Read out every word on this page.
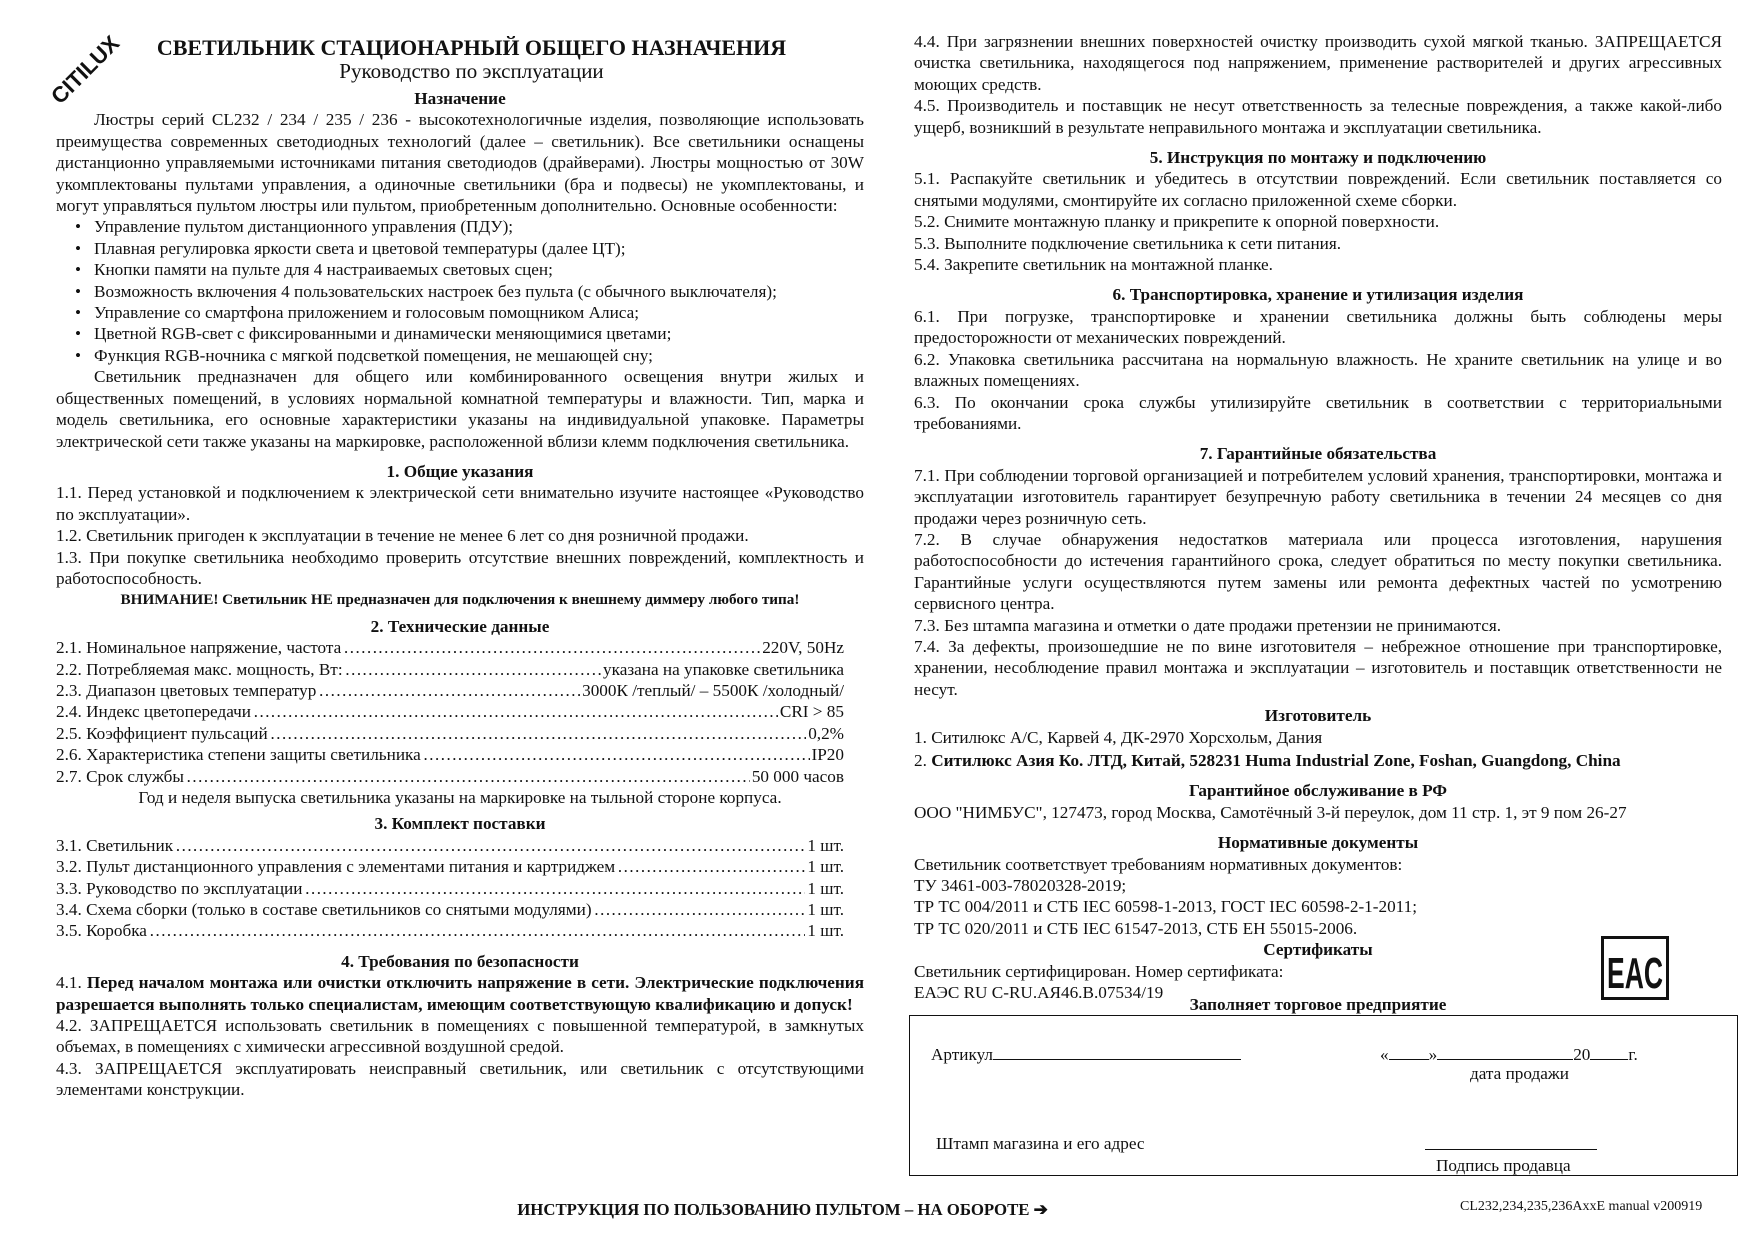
CITILUX	СВЕТИЛЬНИК СТАЦИОНАРНЫЙ ОБЩЕГО НАЗНАЧЕНИЯ
Руководство по эксплуатации
Назначение

Люстры серий CL232 / 234 / 235 / 236 - высокотехнологичные изделия, позволяющие использовать преимущества современных светодиодных технологий (далее – светильник). Все светильники оснащены дистанционно управляемыми источниками питания светодиодов (драйверами). Люстры мощностью от 30W укомплектованы пультами управления, а одиночные светильники (бра и подвесы) не укомплектованы, и могут управляться пультом люстры или пультом, приобретенным дополнительно. Основные особенности:

• Управление пультом дистанционного управления (ПДУ);
• Плавная регулировка яркости света и цветовой температуры (далее ЦТ);
• Кнопки памяти на пульте для 4 настраиваемых световых сцен;
• Возможность включения 4 пользовательских настроек без пульта (с обычного выключателя);
• Управление со смартфона приложением и голосовым помощником Алиса;
• Цветной RGB-свет с фиксированными и динамически меняющимися цветами;
• Функция RGB-ночника с мягкой подсветкой помещения, не мешающей сну;

Светильник предназначен для общего или комбинированного освещения внутри жилых и общественных помещений, в условиях нормальной комнатной температуры и влажности. Тип, марка и модель светильника, его основные характеристики указаны на индивидуальной упаковке. Параметры электрической сети также указаны на маркировке, расположенной вблизи клемм подключения светильника.

1. Общие указания

1.1. Перед установкой и подключением к электрической сети внимательно изучите настоящее «Руководство по эксплуатации».

1.2. Светильник пригоден к эксплуатации в течение не менее 6 лет со дня розничной продажи.

1.3. При покупке светильника необходимо проверить отсутствие внешних повреждений, комплектность и работоспособность.

ВНИМАНИЕ! Светильник НЕ предназначен для подключения к внешнему диммеру любого типа!

2. Технические данные
2.1. Номинальное напряжение, частота ………………………………………………………………………………………………………………………………………………………………………………………………………………	220V, 50Hz
2.2. Потребляемая макс. мощность, Вт: ………………………………………………………………………………………………………………………………………………………………………………………………………………	указана на упаковке светильника
2.3. Диапазон цветовых температур ………………………………………………………………………………………………………………………………………………………………………………………………………………	3000К /теплый/ – 5500К /холодный/
2.4. Индекс цветопередачи ………………………………………………………………………………………………………………………………………………………………………………………………………………	CRI > 85
2.5. Коэффициент пульсаций ………………………………………………………………………………………………………………………………………………………………………………………………………………	0,2%
2.6. Характеристика степени защиты светильника ………………………………………………………………………………………………………………………………………………………………………………………………………………	IP20
2.7. Срок службы ………………………………………………………………………………………………………………………………………………………………………………………………………………	50 000 часов

Год и неделя выпуска светильника указаны на маркировке на тыльной стороне корпуса.

3. Комплект поставки
3.1. Светильник ………………………………………………………………………………………………………………………………………………………………………………………………………………	1 шт.
3.2. Пульт дистанционного управления с элементами питания и картриджем ………………………………………………………………………………………………………………………………………………………………………………………………………………	1 шт.
3.3. Руководство по эксплуатации ………………………………………………………………………………………………………………………………………………………………………………………………………………	1 шт.
3.4. Схема сборки (только в составе светильников со снятыми модулями) ………………………………………………………………………………………………………………………………………………………………………………………………………………	1 шт.
3.5. Коробка ………………………………………………………………………………………………………………………………………………………………………………………………………………	1 шт.
4. Требования по безопасности

4.1. Перед началом монтажа или очистки отключить напряжение в сети. Электрические подключения разрешается выполнять только специалистам, имеющим соответствующую квалификацию и допуск!

4.2. ЗАПРЕЩАЕТСЯ использовать светильник в помещениях с повышенной температурой, в замкнутых объемах, в помещениях с химически агрессивной воздушной средой.

4.3. ЗАПРЕЩАЕТСЯ эксплуатировать неисправный светильник, или светильник с отсутствующими элементами конструкции.

4.4. При загрязнении внешних поверхностей очистку производить сухой мягкой тканью. ЗАПРЕЩАЕТСЯ очистка светильника, находящегося под напряжением, применение растворителей и других агрессивных моющих средств.

4.5. Производитель и поставщик не несут ответственность за телесные повреждения, а также какой-либо ущерб, возникший в результате неправильного монтажа и эксплуатации светильника.

5. Инструкция по монтажу и подключению

5.1. Распакуйте светильник и убедитесь в отсутствии повреждений. Если светильник поставляется со снятыми модулями, смонтируйте их согласно приложенной схеме сборки.

5.2. Снимите монтажную планку и прикрепите к опорной поверхности.

5.3. Выполните подключение светильника к сети питания.

5.4. Закрепите светильник на монтажной планке.

6. Транспортировка, хранение и утилизация изделия

6.1. При погрузке, транспортировке и хранении светильника должны быть соблюдены меры предосторожности от механических повреждений.

6.2. Упаковка светильника рассчитана на нормальную влажность. Не храните светильник на улице и во влажных помещениях.

6.3. По окончании срока службы утилизируйте светильник в соответствии с территориальными требованиями.

7. Гарантийные обязательства

7.1. При соблюдении торговой организацией и потребителем условий хранения, транспортировки, монтажа и эксплуатации изготовитель гарантирует безупречную работу светильника в течении 24 месяцев со дня продажи через розничную сеть.

7.2. В случае обнаружения недостатков материала или процесса изготовления, нарушения работоспособности до истечения гарантийного срока, следует обратиться по месту покупки светильника. Гарантийные услуги осуществляются путем замены или ремонта дефектных частей по усмотрению сервисного центра.

7.3. Без штампа магазина и отметки о дате продажи претензии не принимаются.

7.4. За дефекты, произошедшие не по вине изготовителя – небрежное отношение при транспортировке, хранении, несоблюдение правил монтажа и эксплуатации – изготовитель и поставщик ответственности не несут.

Изготовитель

1. Ситилюкс А/С, Карвей 4, ДК-2970 Хорсхольм, Дания

2. Ситилюкс Азия Ко. ЛТД, Китай, 528231 Huma Industrial Zone, Foshan, Guangdong, China

Гарантийное обслуживание в РФ

ООО "НИМБУС", 127473, город Москва, Самотёчный 3-й переулок, дом 11 стр. 1, эт 9 пом 26-27

Нормативные документы

Светильник соответствует требованиям нормативных документов:

ТУ 3461-003-78020328-2019;

ТР ТС 004/2011 и СТБ IEC 60598-1-2013, ГОСТ IEC 60598-2-1-2011;

ТР ТС 020/2011 и СТБ IEC 61547-2013, СТБ ЕН 55015-2006.

Сертификаты

Светильник сертифицирован. Номер сертификата:

ЕАЭС RU C-RU.АЯ46.В.07534/19	EAC
Заполняет торговое предприятие
Артикул	« »	20 г.
дата продажи
Штамп магазина и его адрес
Подпись продавца
ИНСТРУКЦИЯ ПО ПОЛЬЗОВАНИЮ ПУЛЬТОМ – НА ОБОРОТЕ ➔	CL232,234,235,236AxxE manual v200919
